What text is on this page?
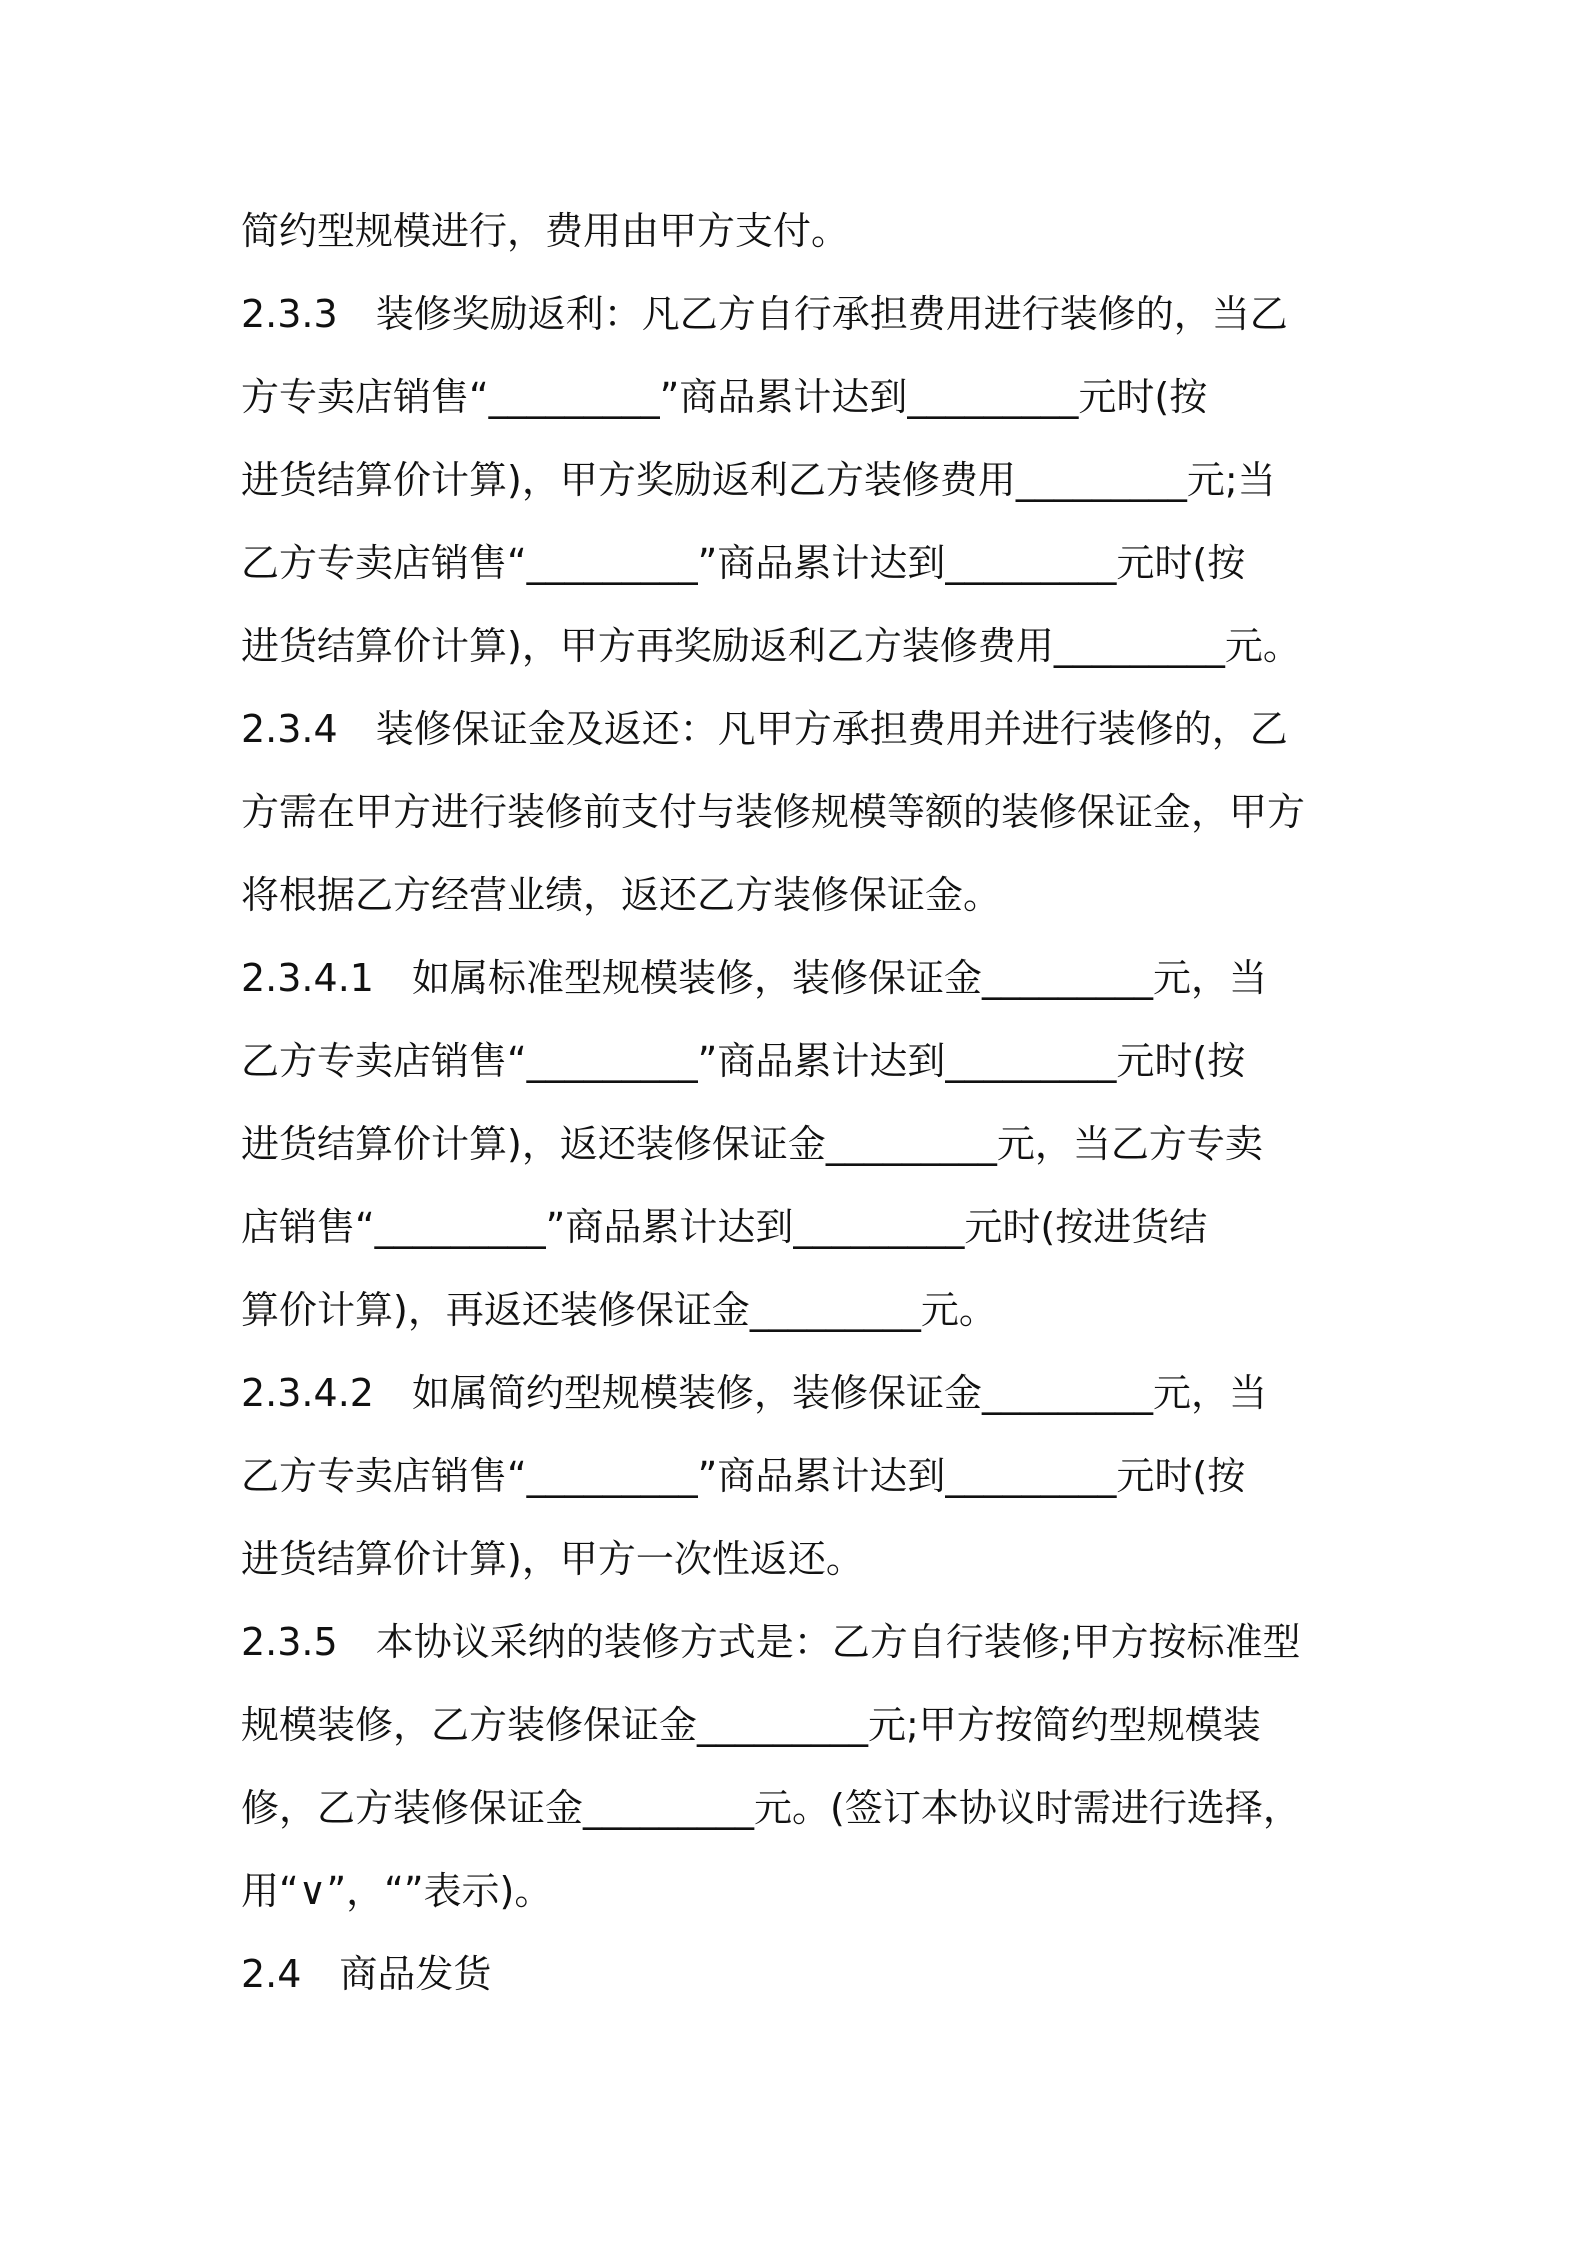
简约型规模进行，费用由甲方支付。
2.3.3　装修奖励返利：凡乙方自行承担费用进行装修的，当乙
方专卖店销售“_________”商品累计达到_________元时(按
进货结算价计算)，甲方奖励返利乙方装修费用_________元;当
乙方专卖店销售“_________”商品累计达到_________元时(按
进货结算价计算)，甲方再奖励返利乙方装修费用_________元。
2.3.4　装修保证金及返还：凡甲方承担费用并进行装修的，乙
方需在甲方进行装修前支付与装修规模等额的装修保证金，甲方
将根据乙方经营业绩，返还乙方装修保证金。
2.3.4.1　如属标准型规模装修，装修保证金_________元，当
乙方专卖店销售“_________”商品累计达到_________元时(按
进货结算价计算)，返还装修保证金_________元，当乙方专卖
店销售“_________”商品累计达到_________元时(按进货结
算价计算)，再返还装修保证金_________元。
2.3.4.2　如属简约型规模装修，装修保证金_________元，当
乙方专卖店销售“_________”商品累计达到_________元时(按
进货结算价计算)，甲方一次性返还。
2.3.5　本协议采纳的装修方式是：乙方自行装修;甲方按标准型
规模装修，乙方装修保证金_________元;甲方按简约型规模装
修，乙方装修保证金_________元。(签订本协议时需进行选择，
用“∨”，“”表示)。
2.4　商品发货
